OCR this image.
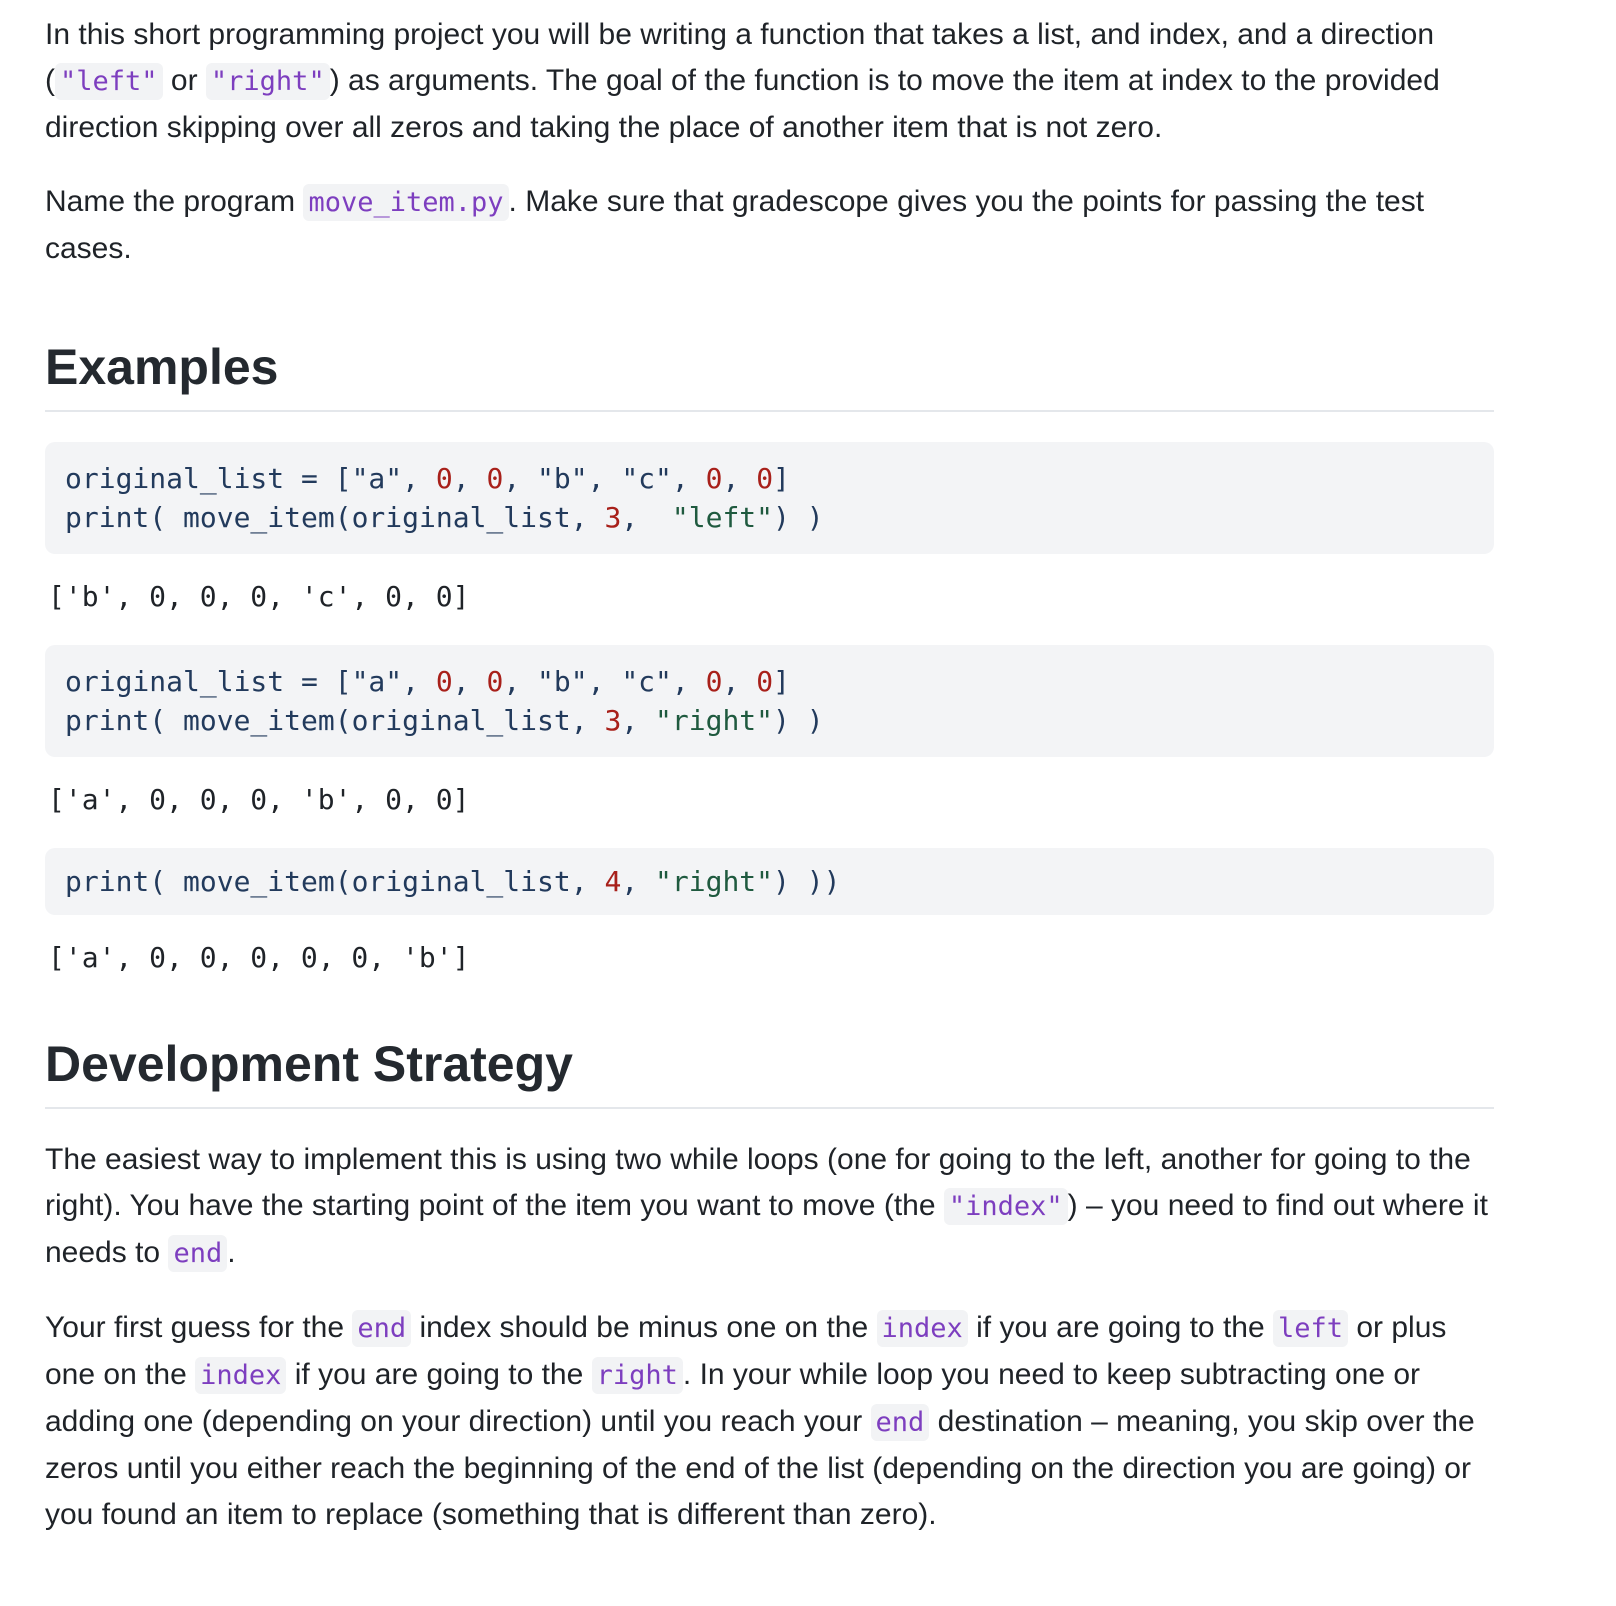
In this short programming project you will be writing a function that takes a list, and index, and a direction ( "left" or "right" ) as arguments. The goal of the function is to move the item at index to the provided direction skipping over all zeros and taking the place of another item that is not zero.

Name the program move_item.py . Make sure that gradescope gives you the points for passing the test cases.

Examples
original_list = ["a", 0, 0, "b", "c", 0, 0]
print( move_item(original_list, 3,  "left") )
['b', 0, 0, 0, 'c', 0, 0]
original_list = ["a", 0, 0, "b", "c", 0, 0]
print( move_item(original_list, 3, "right") )
['a', 0, 0, 0, 'b', 0, 0]
print( move_item(original_list, 4, "right") ))
['a', 0, 0, 0, 0, 0, 'b']
Development Strategy

The easiest way to implement this is using two while loops (one for going to the left, another for going to the right). You have the starting point of the item you want to move (the "index" ) – you need to find out where it needs to end .

Your first guess for the end index should be minus one on the index if you are going to the left or plus one on the index if you are going to the right . In your while loop you need to keep subtracting one or adding one (depending on your direction) until you reach your end destination – meaning, you skip over the zeros until you either reach the beginning of the end of the list (depending on the direction you are going) or you found an item to replace (something that is different than zero).
